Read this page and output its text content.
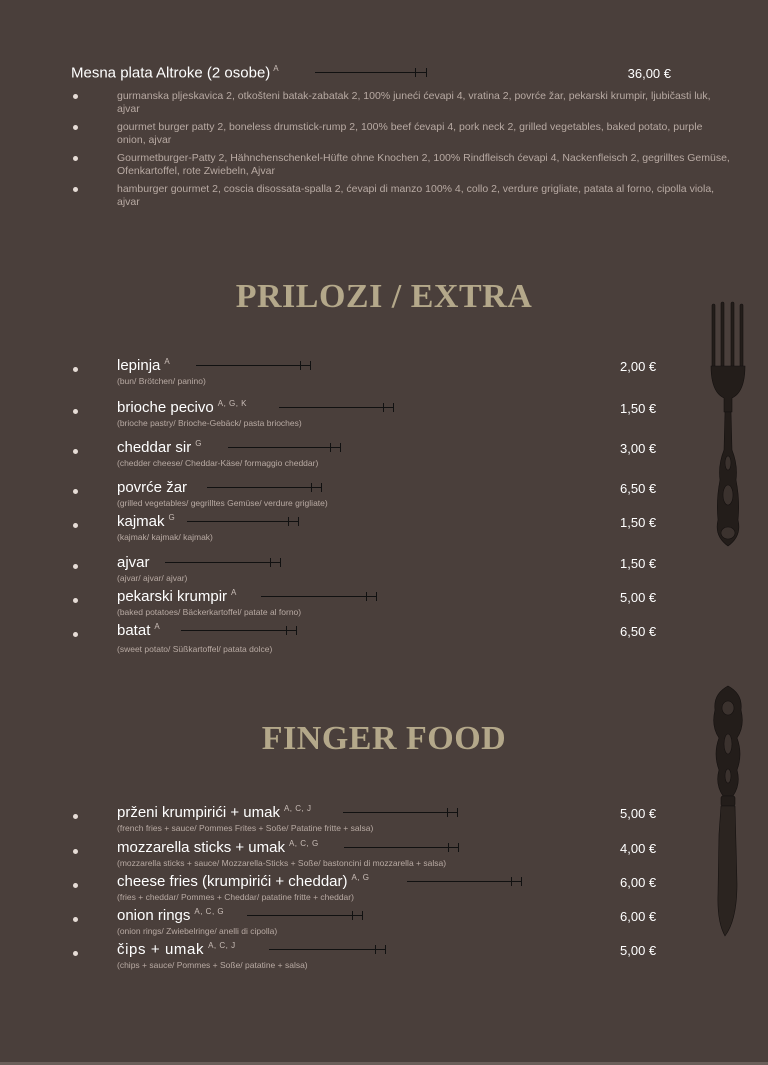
Mesna plata Altroke (2 osobe) $^A$	36,00 €
gurmanska pljeskavica 2, otkošteni batak-zabatak 2, 100% juneći ćevapi 4, vratina 2, povrće žar, pekarski krumpir, ljubičasti luk, ajvar
gourmet burger patty 2, boneless drumstick-rump 2, 100% beef ćevapi 4, pork neck 2, grilled vegetables, baked potato, purple onion, ajvar
Gourmetburger-Patty 2, Hähnchenschenkel-Hüfte ohne Knochen 2, 100% Rindfleisch ćevapi 4, Nackenfleisch 2, gegrilltes Gemüse, Ofenkartoffel, rote Zwiebeln, Ajvar
hamburger gourmet 2, coscia disossata-spalla 2, ćevapi di manzo 100% 4, collo 2, verdure grigliate, patata al forno, cipolla viola, ajvar
PRILOZI / EXTRA
lepinja $^A$
(bun/ Brötchen/ panino)
2,00 €
brioche pecivo $^{A, G, K}$
(brioche pastry/ Brioche-Gebäck/ pasta brioches)
1,50 €
cheddar sir $^G$
(chedder cheese/ Cheddar-Käse/ formaggio cheddar)
3,00 €
povrće žar
(grilled vegetables/ gegrilltes Gemüse/ verdure grigliate)
6,50 €
kajmak $^G$
(kajmak/ kajmak/ kajmak)
1,50 €
ajvar
(ajvar/ ajvar/ ajvar)
1,50 €
pekarski krumpir $^A$
(baked potatoes/ Bäckerkartoffel/ patate al forno)
5,00 €
batat $^A$
(sweet potato/ Süßkartoffel/ patata dolce)
6,50 €
FINGER FOOD
prženi krumpirići + umak $^{A, C, J}$
(french fries + sauce/ Pommes Frites + Soße/ Patatine fritte + salsa)
5,00 €
mozzarella sticks + umak $^{A, C, G}$
(mozzarella sticks + sauce/ Mozzarella-Sticks + Soße/ bastoncini di mozzarella + salsa)
4,00 €
cheese fries (krumpirići + cheddar) $^{A, G}$
(fries + cheddar/ Pommes + Cheddar/ patatine fritte + cheddar)
6,00 €
onion rings $^{A, C, G}$
(onion rings/ Zwiebelringe/ anelli di cipolla)
6,00 €
čips + umak $^{A, C, J}$
(chips + sauce/ Pommes + Soße/ patatine + salsa)
5,00 €
